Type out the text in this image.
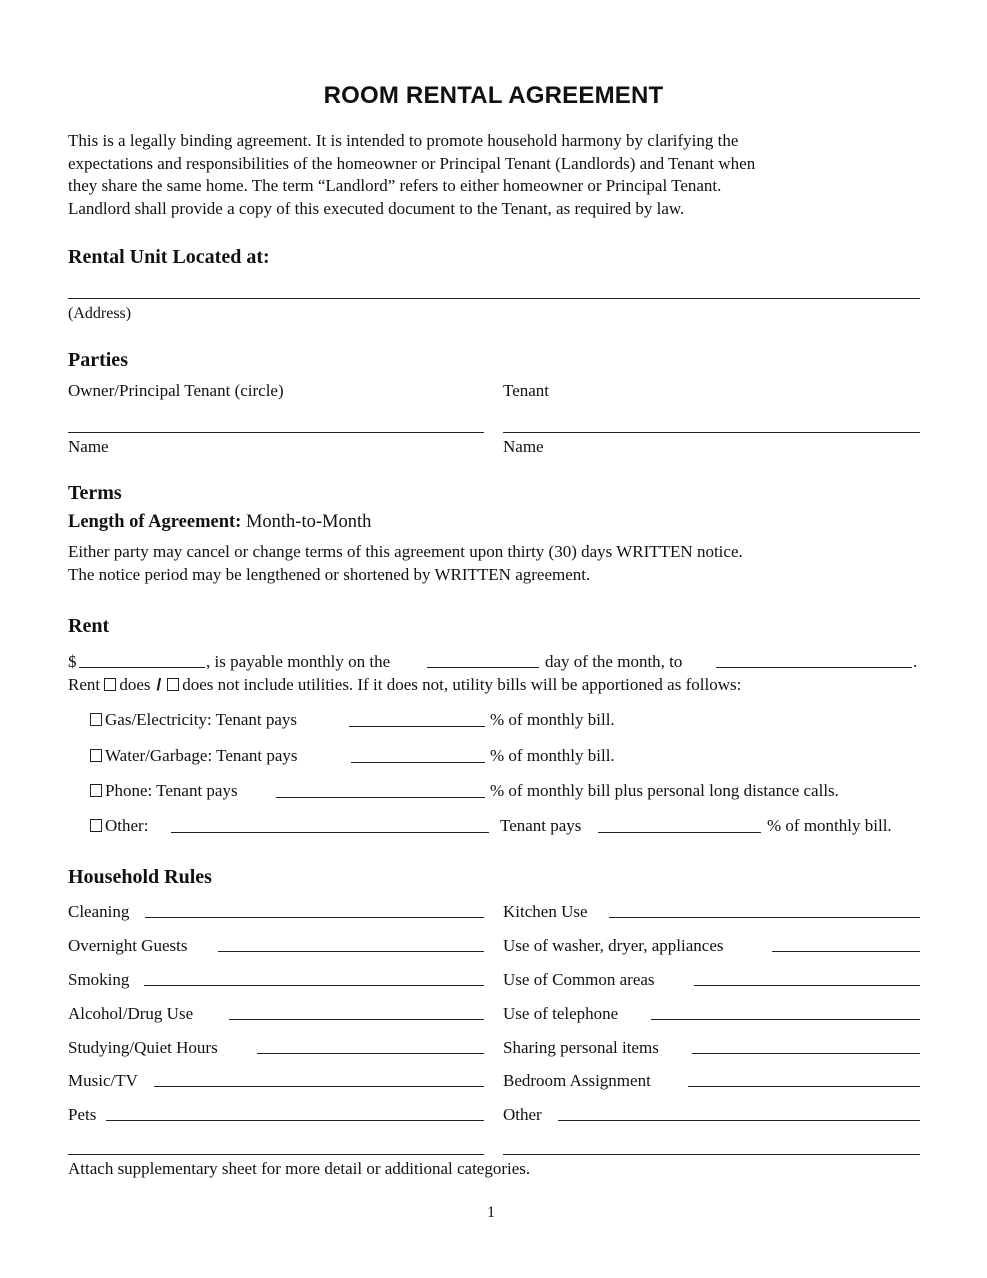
ROOM RENTAL AGREEMENT
This is a legally binding agreement. It is intended to promote household harmony by clarifying the
expectations and responsibilities of the homeowner or Principal Tenant (Landlords) and Tenant when
they share the same home. The term “Landlord” refers to either homeowner or Principal Tenant.
Landlord shall provide a copy of this executed document to the Tenant, as required by law.
Rental Unit Located at:
(Address)
Parties
Owner/Principal Tenant (circle)	Tenant
Name	Name
Terms
Length of Agreement: Month-to-Month
Either party may cancel or change terms of this agreement upon thirty (30) days WRITTEN notice.
The notice period may be lengthened or shortened by WRITTEN agreement.
Rent
$	, is payable monthly on the	day of the month, to	.
Rent does / does not include utilities. If it does not, utility bills will be apportioned as follows:
Gas/Electricity: Tenant pays	% of monthly bill.
Water/Garbage: Tenant pays	% of monthly bill.
Phone: Tenant pays	% of monthly bill plus personal long distance calls.
Other:	Tenant pays	% of monthly bill.
Household Rules
Cleaning	Kitchen Use
Overnight Guests	Use of washer, dryer, appliances
Smoking	Use of Common areas
Alcohol/Drug Use	Use of telephone
Studying/Quiet Hours	Sharing personal items
Music/TV	Bedroom Assignment
Pets	Other
Attach supplementary sheet for more detail or additional categories.
1
